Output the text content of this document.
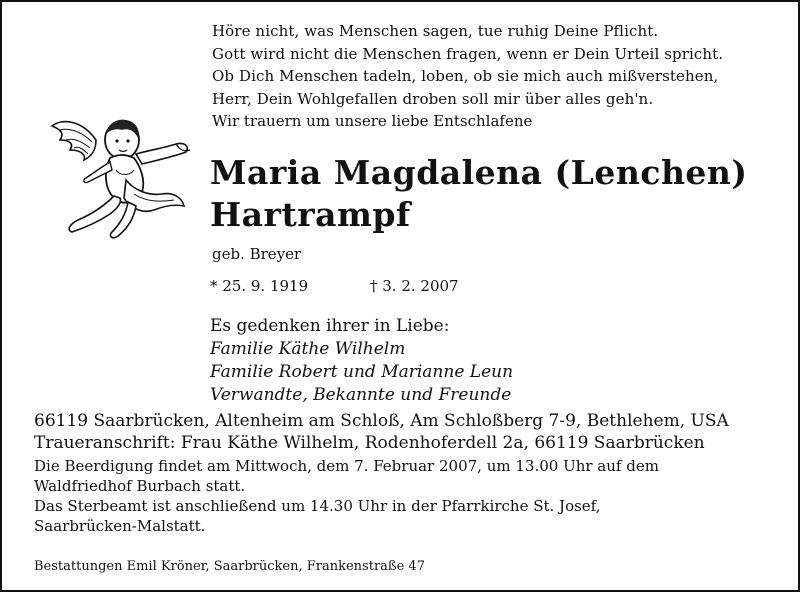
Höre nicht, was Menschen sagen, tue ruhig Deine Pflicht.
Gott wird nicht die Menschen fragen, wenn er Dein Urteil spricht.
Ob Dich Menschen tadeln, loben, ob sie mich auch mißverstehen,
Herr, Dein Wohlgefallen droben soll mir über alles geh'n.
Wir trauern um unsere liebe Entschlafene
Maria Magdalena (Lenchen)
Hartrampf
geb. Breyer
* 25. 9. 1919	† 3. 2. 2007
Es gedenken ihrer in Liebe:
Familie Käthe Wilhelm
Familie Robert und Marianne Leun
Verwandte, Bekannte und Freunde
66119 Saarbrücken, Altenheim am Schloß, Am Schloßberg 7-9, Bethlehem, USA
Traueranschrift: Frau Käthe Wilhelm, Rodenhoferdell 2a, 66119 Saarbrücken
Die Beerdigung findet am Mittwoch, dem 7. Februar 2007, um 13.00 Uhr auf dem
Waldfriedhof Burbach statt.
Das Sterbeamt ist anschließend um 14.30 Uhr in der Pfarrkirche St. Josef,
Saarbrücken-Malstatt.
Bestattungen Emil Kröner, Saarbrücken, Frankenstraße 47
